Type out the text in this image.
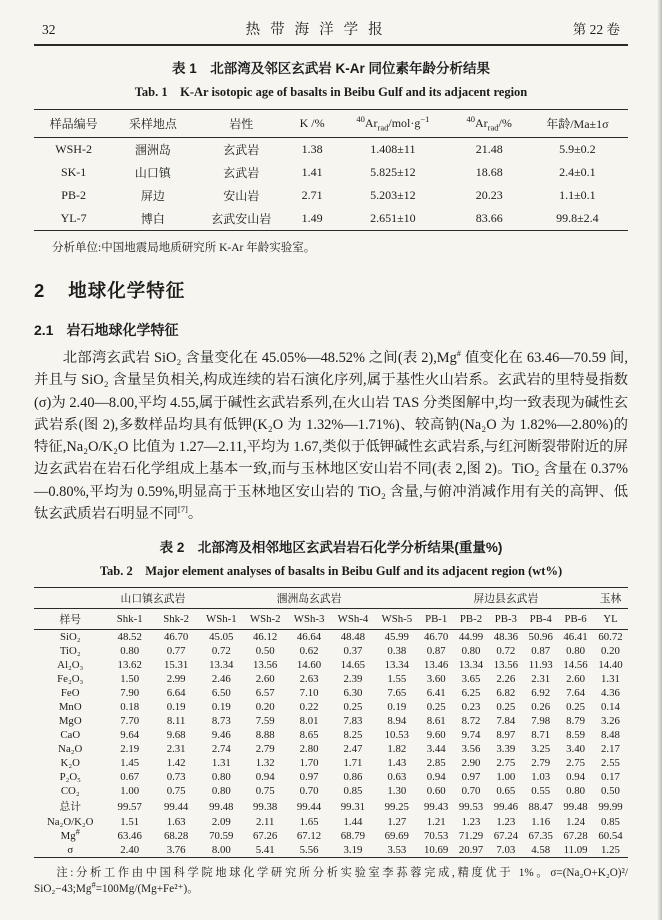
32	热带海洋学报	第 22 卷
表 1　北部湾及邻区玄武岩 K-Ar 同位素年龄分析结果
Tab. 1　K-Ar isotopic age of basalts in Beibu Gulf and its adjacent region
样品编号	采样地点	岩性	K /%	$^{40}Ar_{rad}/mol\cdot g^{-1}$	$^{40}Ar_{rad}/\%$	年龄/Ma±1σ
WSH-2	涠洲岛	玄武岩	1.38	1.408±11	21.48	5.9±0.2
SK-1	山口镇	玄武岩	1.41	5.825±12	18.68	2.4±0.1
PB-2	屏边	安山岩	2.71	5.203±12	20.23	1.1±0.1
YL-7	博白	玄武安山岩	1.49	2.651±10	83.66	99.8±2.4
分析单位:中国地震局地质研究所 K-Ar 年龄实验室。
2 地球化学特征
2.1 岩石地球化学特征

北部湾玄武岩 SiO₂ 含量变化在 45.05%—48.52% 之间(表 2),Mg# 值变化在 63.46—70.59 间,并且与 SiO₂ 含量呈负相关,构成连续的岩石演化序列,属于基性火山岩系。玄武岩的里特曼指数(σ)为 2.40—8.00,平均 4.55,属于碱性玄武岩系列,在火山岩 TAS 分类图解中,均一致表现为碱性玄武岩系(图 2),多数样品均具有低钾(K₂O 为 1.32%—1.71%)、较高钠(Na₂O 为 1.82%—2.80%)的特征,Na₂O/K₂O 比值为 1.27—2.11,平均为 1.67,类似于低钾碱性玄武岩系,与红河断裂带附近的屏边玄武岩在岩石化学组成上基本一致,而与玉林地区安山岩不同(表 2,图 2)。TiO₂ 含量在 0.37%—0.80%,平均为 0.59%,明显高于玉林地区安山岩的 TiO₂ 含量,与俯冲消减作用有关的高钾、低钛玄武质岩石明显不同[7]。

表 2　北部湾及相邻地区玄武岩岩石化学分析结果(重量%)
Tab. 2　Major element analyses of basalts in Beibu Gulf and its adjacent region (wt%)
	山口镇玄武岩		涠洲岛玄武岩					屏边县玄武岩					玉林
样号	Shk-1	Shk-2	WSh-1	WSh-2	WSh-3	WSh-4	WSh-5	PB-1	PB-2	PB-3	PB-4	PB-6	YL
SiO₂	48.52	46.70	45.05	46.12	46.64	48.48	45.99	46.70	44.99	48.36	50.96	46.41	60.72
TiO₂	0.80	0.77	0.72	0.50	0.62	0.37	0.38	0.87	0.80	0.72	0.87	0.80	0.20
Al₂O₃	13.62	15.31	13.34	13.56	14.60	14.65	13.34	13.46	13.34	13.56	11.93	14.56	14.40
Fe₂O₃	1.50	2.99	2.46	2.60	2.63	2.39	1.55	3.60	3.65	2.26	2.31	2.60	1.31
FeO	7.90	6.64	6.50	6.57	7.10	6.30	7.65	6.41	6.25	6.82	6.92	7.64	4.36
MnO	0.18	0.19	0.19	0.20	0.22	0.25	0.19	0.25	0.23	0.25	0.26	0.25	0.14
MgO	7.70	8.11	8.73	7.59	8.01	7.83	8.94	8.61	8.72	7.84	7.98	8.79	3.26
CaO	9.64	9.68	9.46	8.88	8.65	8.25	10.53	9.60	9.74	8.97	8.71	8.59	8.48
Na₂O	2.19	2.31	2.74	2.79	2.80	2.47	1.82	3.44	3.56	3.39	3.25	3.40	2.17
K₂O	1.45	1.42	1.31	1.32	1.70	1.71	1.43	2.85	2.90	2.75	2.79	2.75	2.55
P₂O₅	0.67	0.73	0.80	0.94	0.97	0.86	0.63	0.94	0.97	1.00	1.03	0.94	0.17
CO₂	1.00	0.75	0.80	0.75	0.70	0.85	1.30	0.60	0.70	0.65	0.55	0.80	0.50
总计	99.57	99.44	99.48	99.38	99.44	99.31	99.25	99.43	99.53	99.46	88.47	99.48	99.99
Na₂O/K₂O	1.51	1.63	2.09	2.11	1.65	1.44	1.27	1.21	1.23	1.23	1.16	1.24	0.85
Mg#	63.46	68.28	70.59	67.26	67.12	68.79	69.69	70.53	71.29	67.24	67.35	67.28	60.54
σ	2.40	3.76	8.00	5.41	5.56	3.19	3.53	10.69	20.97	7.03	4.58	11.09	1.25
注:分析工作由中国科学院地球化学研究所分析实验室李荪蓉完成,精度优于 1%。σ=(Na₂O+K₂O)²/ SiO₂−43;Mg#=100Mg/(Mg+Fe²⁺)。
